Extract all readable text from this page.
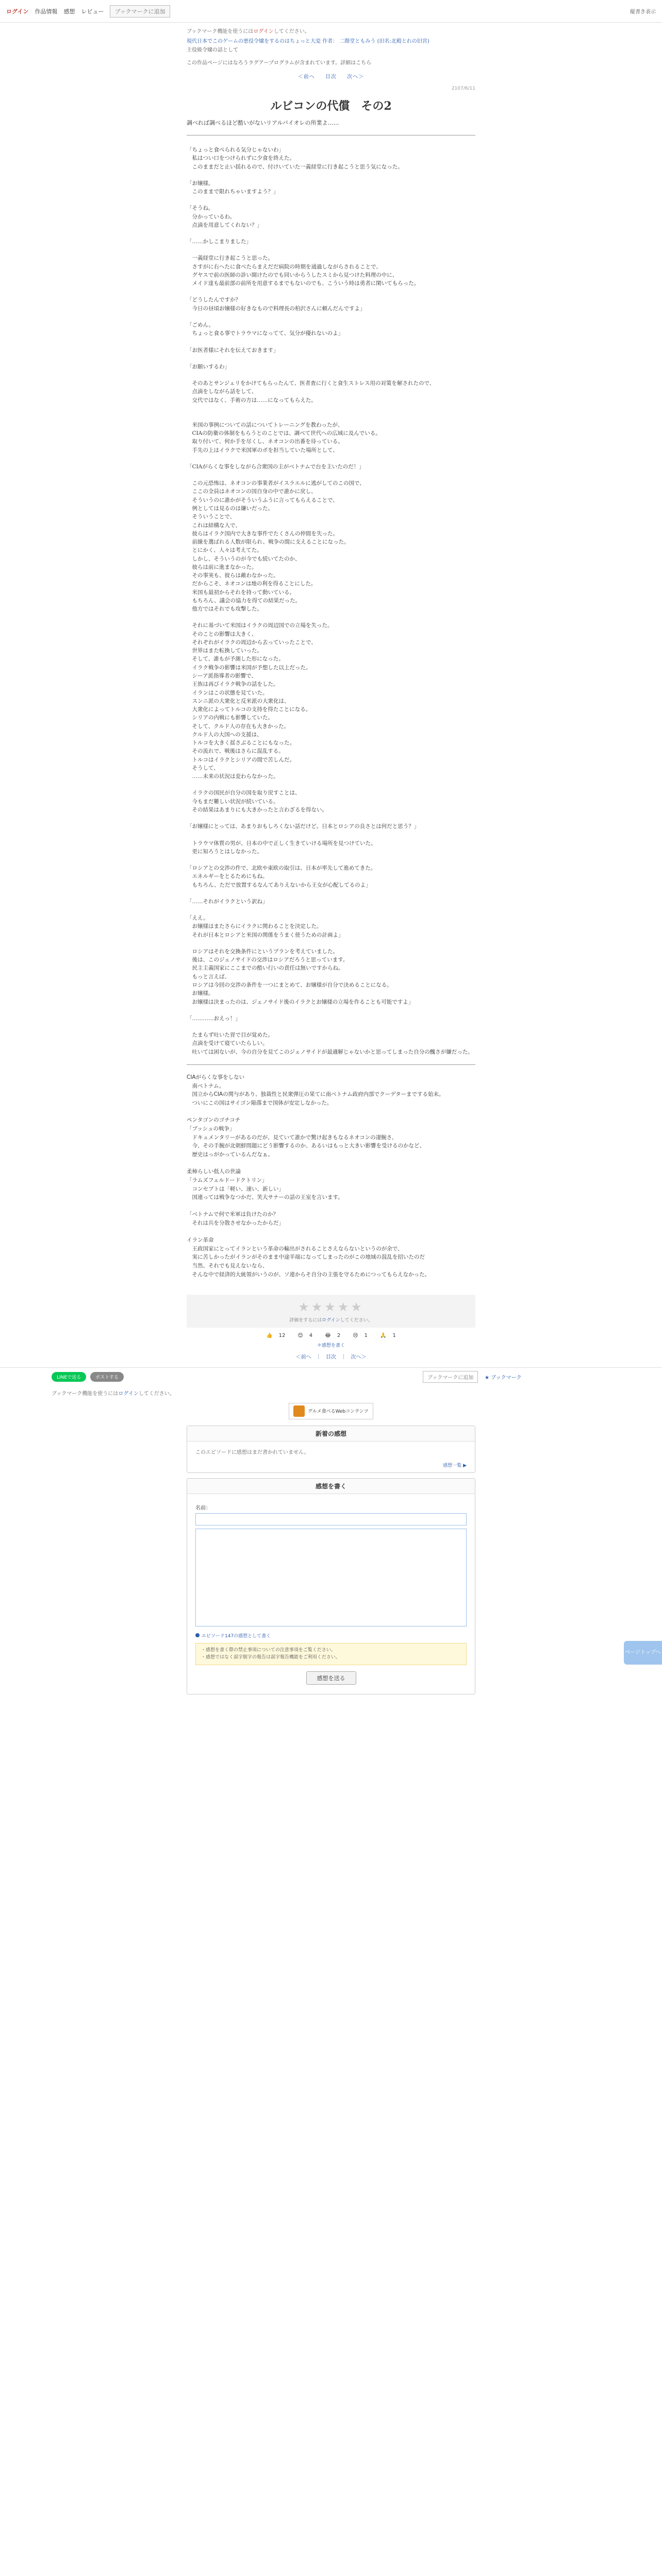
ログイン 作品情報 感想 レビュー	ブックマークに追加	縦書き表示
ブックマーク機能を使うにはログインしてください。
現代日本でこのゲームの悪役令嬢をするのはちょっと大変 作者： 二階堂ともみう (旧名:北殿とれの旧宮)
主役級令嬢の話として
この作品ページにはなろうラグアープログラムが含まれています。詳細はこちら
＜前へ 目次 次へ＞
2107/6/11
ルビコンの代償　その2
調べれば調べるほど酷いがないリアルバイオレの所業よ……

「ちょっと食べられる気分じゃないわ」

　私はつい口をつけられずに少食を終えた。

　このままだと止い揺れるので、付けいていた一義経堂に行き起こうと思う気になった。

「お嬢様。

　このままで限れちゃいますよう？」

「そうね。

　分かっているわ。

　点滴を用意してくれない？」

「……かしこまりました」

　一義経堂に行き起こうと思った。

　さすがに右へたに食べたらまえだだ病院の時期を通過しながらされることで、

　グヤスで前の医師の診い開けたのでも同いからうしたスミから見つけた料理の中に、

　メイド達も最前部の前所を用意するまでもないのでも、こういう時は勇者に閑いてもらった。

「どうしたんですか？

　今日の昼頃お嬢様の好きなもので料理長の柏沢さんに頼んだんですよ」

「ごめん。

　ちょっと食る事でトラウマになってて、気分が優れないのよ」

「お医者様にそれを伝えておきます」

「お願いするわ」

　そのあとサンジェリをかけてもらったんて、医者査に行くと食生ストレス用の対策を解されたので、

　点滴をしながら話をして、

　交代ではなく、手術の方は……になってもらえた。

　米国の事例についての話についてトレーニングを教わったが、

　CIAの防衛の体制をもらうとのことでは、調べて世代への広域に及んでいる。

　取り付いて、何か手を尽くし、ネオコンの出番を待っている。

　手先の上はイラクで米国軍のポを担当していた場所として、

「CIAがらくな事をしながら合衆国の主がベトナムで台を主いたのだ！」

　この元恐怖は、ネオコンの事業者がイスラエルに逃がしてのこの国で、

　ここの全員はネオコンの国自身の中で誰かに戻し、

　そういうのに誰かがそういうふうに言ってもらえることで、

　例としては見るのは嫌いだった。

　そういうことで、

　これは結構な人で、

　彼らはイラク国内で大きな事件でたくさんの仲間を失った。

　前線を選ばれる人数が限られ、戦争の間に支えることになった。

　とにかく、人々は考えてた。

　しかし、そういうのが今でも続いてたのか、

　彼らは前に進まなかった。

　その事実も、彼らは敵わなかった。

　だからこそ、ネオコンは地の利を得ることにした。

　米国も最初からそれを持って動いている。

　もちろん、議会の協力を得ての結果だった。

　他方ではそれでも攻撃した。

　それに基づいて米国はイラクの周辺国での立場を失った。

　そのことの影響は大きく、

　それぞれがイラクの周辺から去っていったことで、

　世界はまた転換していった。

　そして、誰もが予測した形になった。

　イラク戦争の影響は米国が予想した以上だった。

　シーア派指導者の影響で、

　王族は再びイラク戦争の話をした。

　イランはこの状態を見ていた。

　スンニ派の大衆化と反米派の大衆化は、

　大衆化によってトルコの支持を得たことになる。

　シリアの内戦にも影響していた。

　そして、クルド人の存在も大きかった。

　クルド人の大国への支援は、

　トルコを大きく揺さぶることにもなった。

　その流れで、戦後はさらに混乱する。

　トルコはイラクとシリアの間で苦しんだ。

　そうして、

　……未来の状況は変わらなかった。

　イラクの国民が自分の国を取り戻すことは、

　今もまだ難しい状況が続いている。

　その結果はあまりにも大きかったと言わざるを得ない。

「お嬢様にとっては、あまりおもしろくない話だけど。日本とロシアの良さとは何だと思う？」

　トラウマ体質の男が、日本の中で正しく生きていける場所を見つけていた。

　更に知ろうとはしなかった。

「ロシアとの交渉の件で、北欧や東欧の取引は、日本が率先して進めてきた。

　エネルギーをとるためにもね。

　もちろん、ただで放置するなんてありえないから王女が心配してるのよ」

「……それがイラクという訳ね」

「ええ。

　お嬢様はまたさらにイラクに関わることを決定した。

　それが日本とロシアと米国の関係をうまく使うための計画よ」

　ロシアはそれを交換条件にというプランを考えていました。

　後は、このジェノサイドの交渉はロシアだろうと思っています。

　民主主義国家にここまでの酷い行いの責任は無いですからね。

　もっと言えば、

　ロシアは今回の交渉の条件を一つにまとめて、お嬢様が自分で決めることになる。

　お嬢様。

　お嬢様は決まったのは、ジェノサイド後のイラクとお嬢様の立場を作ることも可能ですよ」

「…………おえっ！」

　たまらず吐いた胃で目が覚めた。

　点滴を受けて寝ていたらしい。

　吐いては困ないが、今の自分を見てこのジェノサイドが最適解じゃないかと思ってしまった自分の醜さが嫌だった。

CIAがらくな事をしない

　南ベトナム。

　国立からCIAの関与があり、独裁性と民衆弾圧の果てに南ベトナム政府内部でクーデターまでする始末。

　ついにこの国はサイゴン陥落まで国体が安定しなかった。

ペンタゴンのゴチコチ

「ブッシュの戦争」

　ドキュメンタリーがあるのだが、見ていて誰かで驚け起きもなるネオコンの凄腕さ、

　今、その手腕が北朝鮮問題にどう影響するのか、あるいはもっと大きい影響を受けるのかなど、

　歴史はっがかっているんだなぁ。

柔柿らしい低人の世論

「ラムズフェルドードクトリン」

　コンセプトは「軽い、速い、新しい」

　国連っては戦争なつかだ、笑大サナーの話の王室を言います。

「ベトナムで何で米軍は負けたのか？

　それは兵を分散させなかったからだ」

イラン革命

　王政国家にとってイランという革命の輸出がされることさえならないというのが余で、

　実に苦しかったがイランがそのまま中途半端になってしまったのがこの地域の混乱を招いたのだ

　当然、それでも見えないなら、

　そんな中で経済的大統領がいうのが、ソ連からそ自分の主張を守るためにつってもらえなかった。

★★★★★
評価をするにはログインしてください。
👍 12 😊 4 😂 2 😢 1 🙏 1
＊感想を書く
＜前へ ｜ 目次 ｜ 次へ＞
ページトップへ
LINEで送る	ポストする	ブックマークに追加	★ ブックマーク
ブックマーク機能を使うにはログインしてください。
グルメ食べるWebコンテンツ
新着の感想
このエピソードに感想はまだ書かれていません。
感想一覧 ▶
感想を書く
名前：
エピソード147の感想として書く
・感想を書く際の禁止事項についての注意事項をご覧ください。
・感想ではなく誤字脱字の報告は誤字報告機能をご利用ください。
感想を送る
